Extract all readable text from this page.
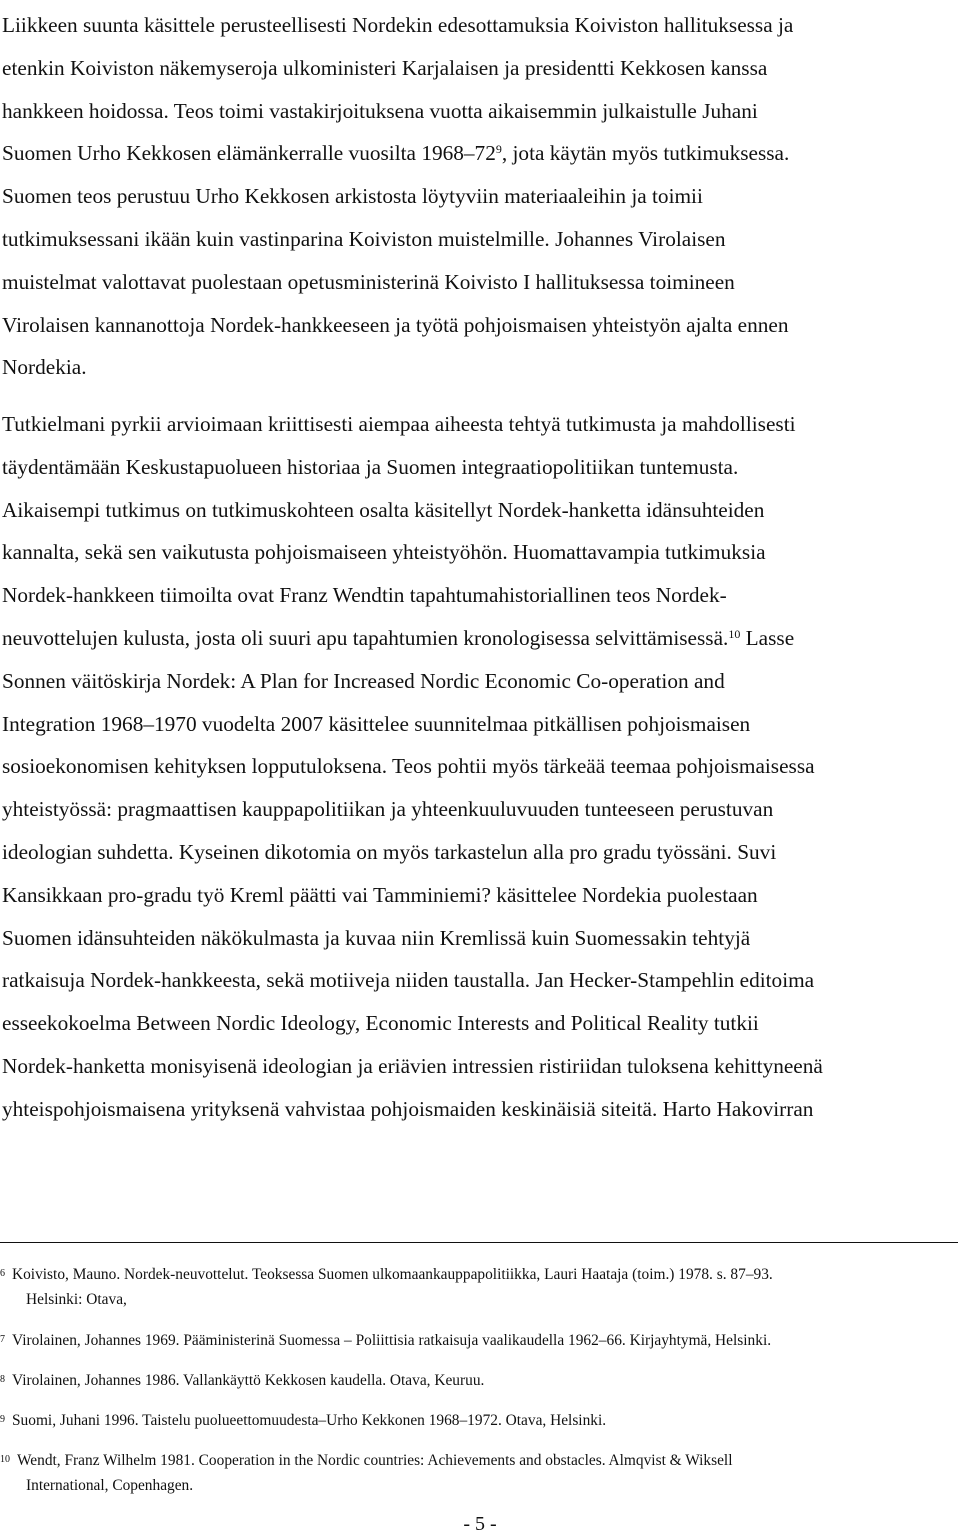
Liikkeen suunta käsittele perusteellisesti Nordekin edesottamuksia Koiviston hallituksessa ja
etenkin Koiviston näkemyseroja ulkoministeri Karjalaisen ja presidentti Kekkosen kanssa
hankkeen hoidossa. Teos toimi vastakirjoituksena vuotta aikaisemmin julkaistulle Juhani
Suomen Urho Kekkosen elämänkerralle vuosilta $1968-72^9$, jota käytän myös tutkimuksessa.
Suomen teos perustuu Urho Kekkosen arkistosta löytyviin materiaaleihin ja toimii
tutkimuksessani ikään kuin vastinparina Koiviston muistelmille. Johannes Virolaisen
muistelmat valottavat puolestaan opetusministerinä Koivisto I hallituksessa toimineen
Virolaisen kannanottoja Nordek-hankkeeseen ja työtä pohjoismaisen yhteistyön ajalta ennen
Nordekia.
Tutkielmani pyrkii arvioimaan kriittisesti aiempaa aiheesta tehtyä tutkimusta ja mahdollisesti
täydentämään Keskustapuolueen historiaa ja Suomen integraatiopolitiikan tuntemusta.
Aikaisempi tutkimus on tutkimuskohteen osalta käsitellyt Nordek-hanketta idänsuhteiden
kannalta, sekä sen vaikutusta pohjoismaiseen yhteistyöhön. Huomattavampia tutkimuksia
Nordek-hankkeen tiimoilta ovat Franz Wendtin tapahtumahistoriallinen teos Nordek-
neuvottelujen kulusta, josta oli suuri apu tapahtumien kronologisessa selvittämisessä.$^{10}$ Lasse
Sonnen väitöskirja Nordek: A Plan for Increased Nordic Economic Co-operation and
Integration 1968–1970 vuodelta 2007 käsittelee suunnitelmaa pitkällisen pohjoismaisen
sosioekonomisen kehityksen lopputuloksena. Teos pohtii myös tärkeää teemaa pohjoismaisessa
yhteistyössä: pragmaattisen kauppapolitiikan ja yhteenkuuluvuuden tunteeseen perustuvan
ideologian suhdetta. Kyseinen dikotomia on myös tarkastelun alla pro gradu työssäni. Suvi
Kansikkaan pro-gradu työ Kreml päätti vai Tamminiemi? käsittelee Nordekia puolestaan
Suomen idänsuhteiden näkökulmasta ja kuvaa niin Kremlissä kuin Suomessakin tehtyjä
ratkaisuja Nordek-hankkeesta, sekä motiiveja niiden taustalla. Jan Hecker-Stampehlin editoima
esseekokoelma Between Nordic Ideology, Economic Interests and Political Reality tutkii
Nordek-hanketta monisyisenä ideologian ja eriävien intressien ristiriidan tuloksena kehittyneenä
yhteispohjoismaisena yrityksenä vahvistaa pohjoismaiden keskinäisiä siteitä. Harto Hakovirran
$^6$ Koivisto, Mauno. Nordek-neuvottelut. Teoksessa Suomen ulkomaankauppapolitiikka, Lauri Haataja (toim.) 1978. s. 87–93.
Helsinki: Otava,
$^7$ Virolainen, Johannes 1969. Pääministerinä Suomessa – Poliittisia ratkaisuja vaalikaudella 1962–66. Kirjayhtymä, Helsinki.
$^8$ Virolainen, Johannes 1986. Vallankäyttö Kekkosen kaudella. Otava, Keuruu.
$^9$ Suomi, Juhani 1996. Taistelu puolueettomuudesta–Urho Kekkonen 1968–1972. Otava, Helsinki.
$^{10}$ Wendt, Franz Wilhelm 1981. Cooperation in the Nordic countries: Achievements and obstacles. Almqvist & Wiksell
International, Copenhagen.
- 5 -
